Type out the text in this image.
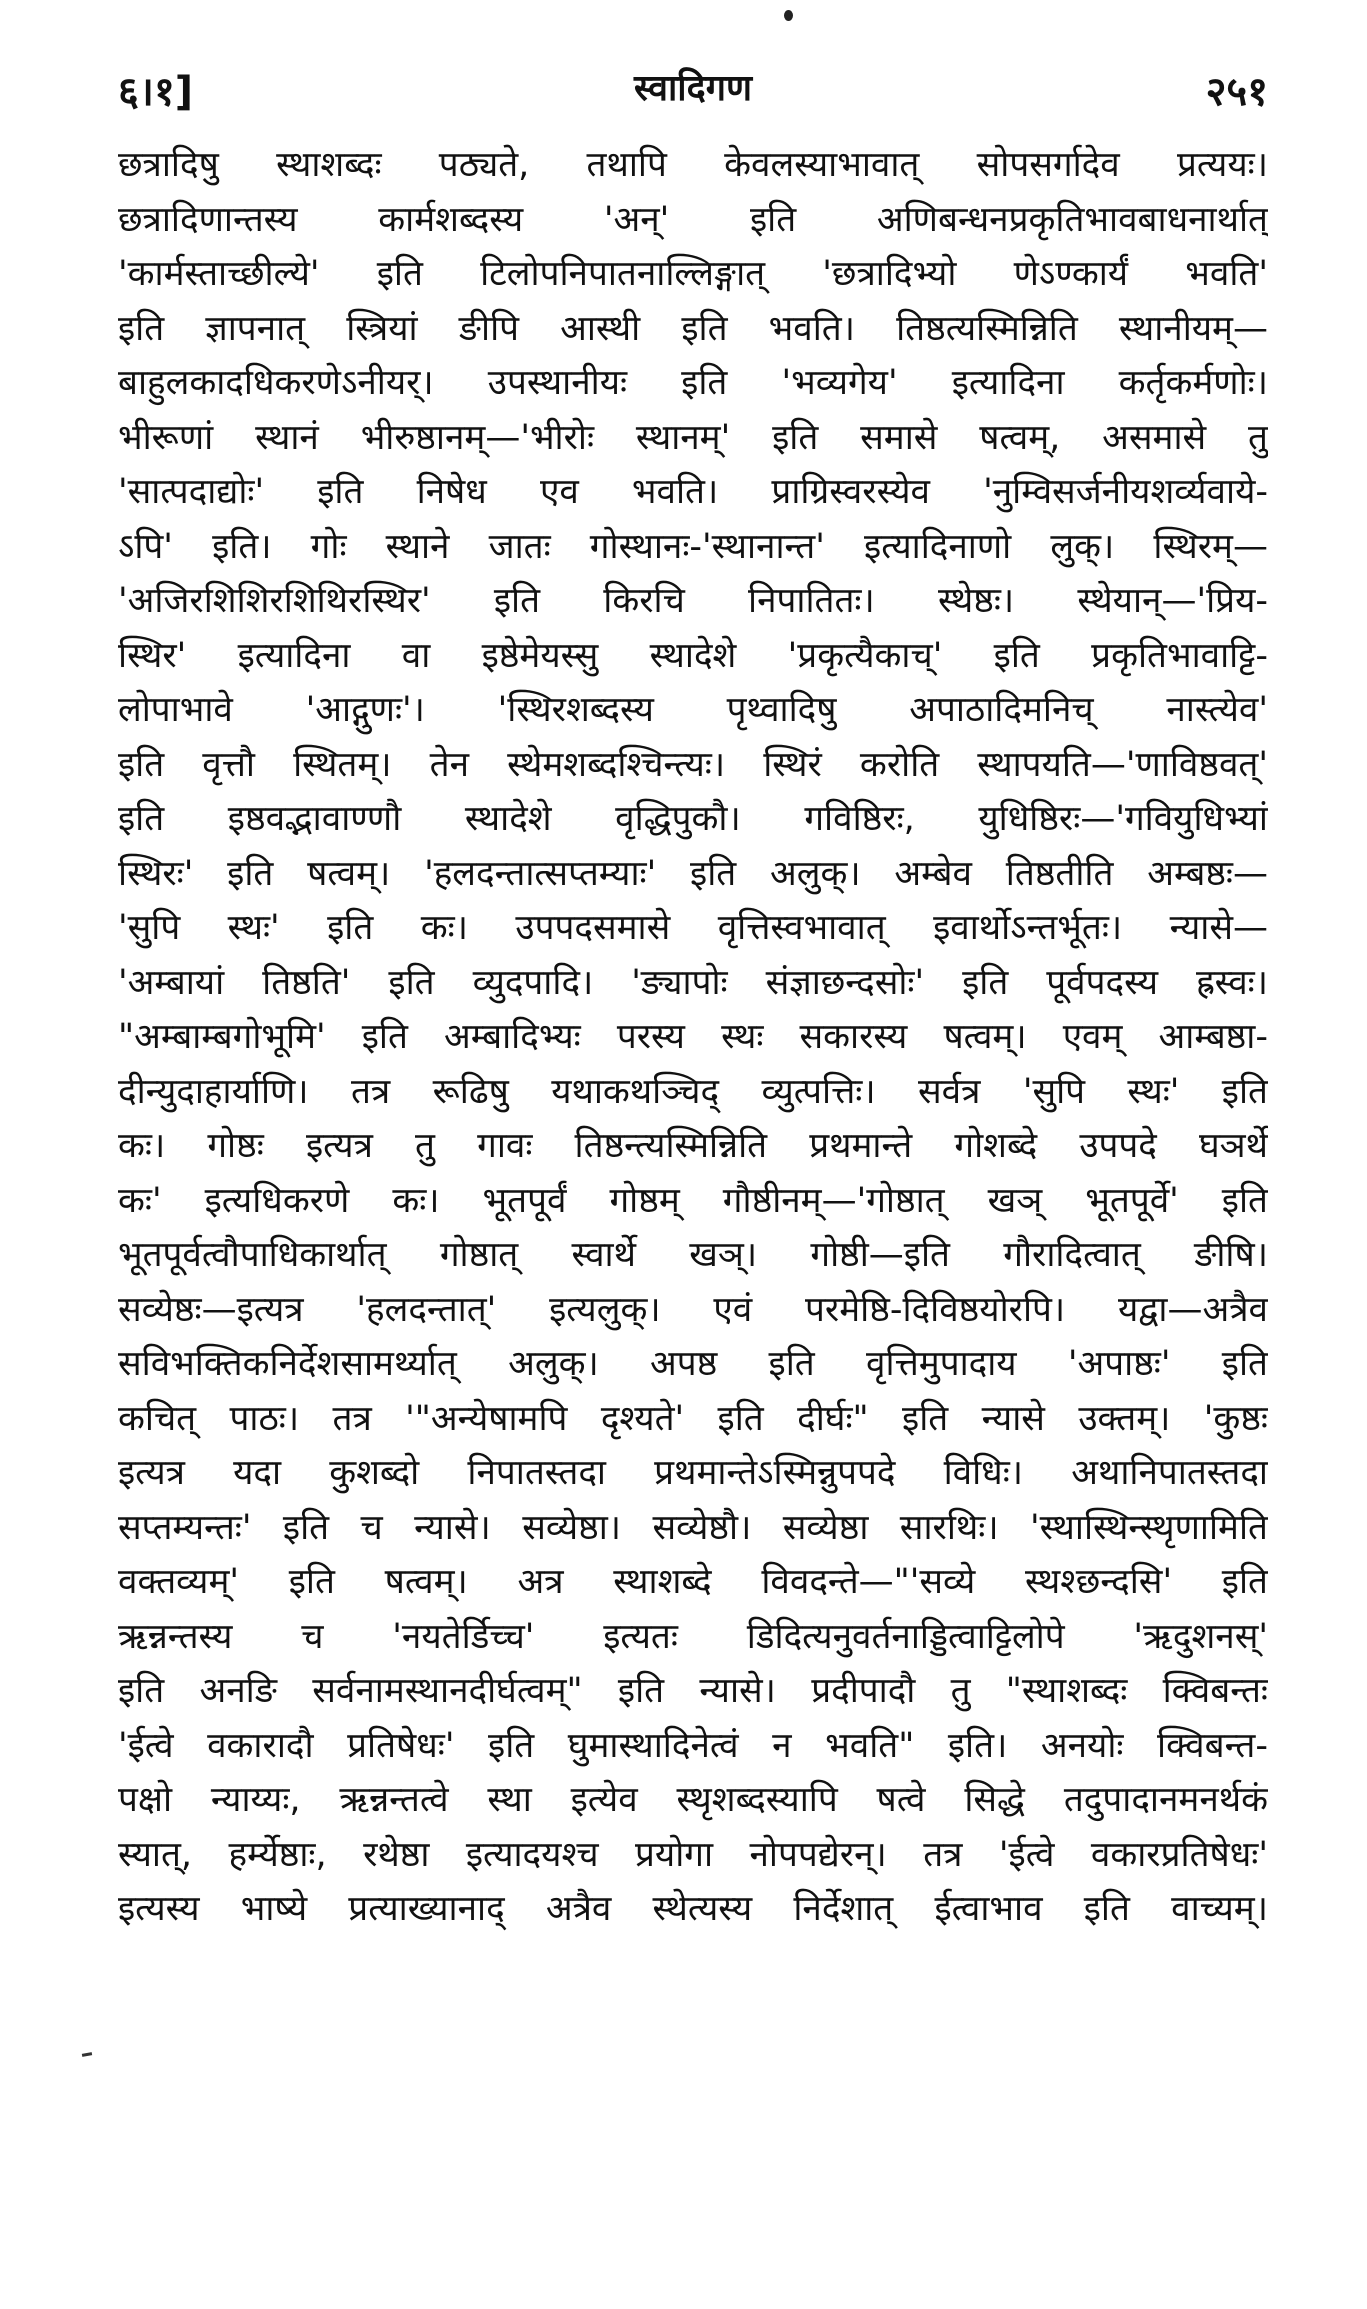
६।१]	स्वादिगण	२५१
छत्रादिषु स्थाशब्दः पठ्यते, तथापि केवलस्याभावात् सोपसर्गादेव प्रत्ययः।
छत्रादिणान्तस्य कार्मशब्दस्य 'अन्' इति अणिबन्धनप्रकृतिभावबाधनार्थात्
'कार्मस्ताच्छील्ये' इति टिलोपनिपातनाल्लिङ्गात् 'छत्रादिभ्यो णेऽण्कार्यं भवति'
इति ज्ञापनात् स्त्रियां ङीपि आस्थी इति भवति। तिष्ठत्यस्मिन्निति स्थानीयम्—
बाहुलकादधिकरणेऽनीयर्। उपस्थानीयः इति 'भव्यगेय' इत्यादिना कर्तृकर्मणोः।
भीरूणां स्थानं भीरुष्ठानम्—'भीरोः स्थानम्' इति समासे षत्वम्, असमासे तु
'सात्पदाद्योः' इति निषेध एव भवति। प्राग्रिस्वरस्येव 'नुम्विसर्जनीयशर्व्यवाये-
ऽपि' इति। गोः स्थाने जातः गोस्थानः-'स्थानान्त' इत्यादिनाणो लुक्। स्थिरम्—
'अजिरशिशिरशिथिरस्थिर' इति किरचि निपातितः। स्थेष्ठः। स्थेयान्—'प्रिय-
स्थिर' इत्यादिना वा इष्ठेमेयस्सु स्थादेशे 'प्रकृत्यैकाच्' इति प्रकृतिभावाट्टि-
लोपाभावे 'आद्गुणः'। 'स्थिरशब्दस्य पृथ्वादिषु अपाठादिमनिच् नास्त्येव'
इति वृत्तौ स्थितम्। तेन स्थेमशब्दश्चिन्त्यः। स्थिरं करोति स्थापयति—'णाविष्ठवत्'
इति इष्ठवद्भावाण्णौ स्थादेशे वृद्धिपुकौ। गविष्ठिरः, युधिष्ठिरः—'गवियुधिभ्यां
स्थिरः' इति षत्वम्। 'हलदन्तात्सप्तम्याः' इति अलुक्। अम्बेव तिष्ठतीति अम्बष्ठः—
'सुपि स्थः' इति कः। उपपदसमासे वृत्तिस्वभावात् इवार्थोऽन्तर्भूतः। न्यासे—
'अम्बायां तिष्ठति' इति व्युदपादि। 'ङ्यापोः संज्ञाछन्दसोः' इति पूर्वपदस्य ह्रस्वः।
"अम्बाम्बगोभूमि' इति अम्बादिभ्यः परस्य स्थः सकारस्य षत्वम्। एवम् आम्बष्ठा-
दीन्युदाहार्याणि। तत्र रूढिषु यथाकथञ्चिद् व्युत्पत्तिः। सर्वत्र 'सुपि स्थः' इति
कः। गोष्ठः इत्यत्र तु गावः तिष्ठन्त्यस्मिन्निति प्रथमान्ते गोशब्दे उपपदे घञर्थे
कः' इत्यधिकरणे कः। भूतपूर्वं गोष्ठम् गौष्ठीनम्—'गोष्ठात् खञ् भूतपूर्वे' इति
भूतपूर्वत्वौपाधिकार्थात् गोष्ठात् स्वार्थे खञ्। गोष्ठी—इति गौरादित्वात् ङीषि।
सव्येष्ठः—इत्यत्र 'हलदन्तात्' इत्यलुक्। एवं परमेष्ठि-दिविष्ठयोरपि। यद्वा—अत्रैव
सविभक्तिकनिर्देशसामर्थ्यात् अलुक्। अपष्ठ इति वृत्तिमुपादाय 'अपाष्ठः' इति
कचित् पाठः। तत्र '"अन्येषामपि दृश्यते' इति दीर्घः" इति न्यासे उक्तम्। 'कुष्ठः
इत्यत्र यदा कुशब्दो निपातस्तदा प्रथमान्तेऽस्मिन्नुपपदे विधिः। अथानिपातस्तदा
सप्तम्यन्तः' इति च न्यासे। सव्येष्ठा। सव्येष्ठौ। सव्येष्ठा सारथिः। 'स्थास्थिन्स्थृणामिति
वक्तव्यम्' इति षत्वम्। अत्र स्थाशब्दे विवदन्ते—"'सव्ये स्थश्छन्दसि' इति
ऋन्नन्तस्य च 'नयतेर्डिच्च' इत्यतः डिदित्यनुवर्तनाड्डित्वाट्टिलोपे 'ऋदुशनस्'
इति अनङि सर्वनामस्थानदीर्घत्वम्" इति न्यासे। प्रदीपादौ तु "स्थाशब्दः क्विबन्तः
'ईत्वे वकारादौ प्रतिषेधः' इति घुमास्थादिनेत्वं न भवति" इति। अनयोः क्विबन्त-
पक्षो न्याय्यः, ऋन्नन्तत्वे स्था इत्येव स्थृशब्दस्यापि षत्वे सिद्धे तदुपादानमनर्थकं
स्यात्, हर्म्येष्ठाः, रथेष्ठा इत्यादयश्च प्रयोगा नोपपद्येरन्। तत्र 'ईत्वे वकारप्रतिषेधः'
इत्यस्य भाष्ये प्रत्याख्यानाद् अत्रैव स्थेत्यस्य निर्देशात् ईत्वाभाव इति वाच्यम्।
